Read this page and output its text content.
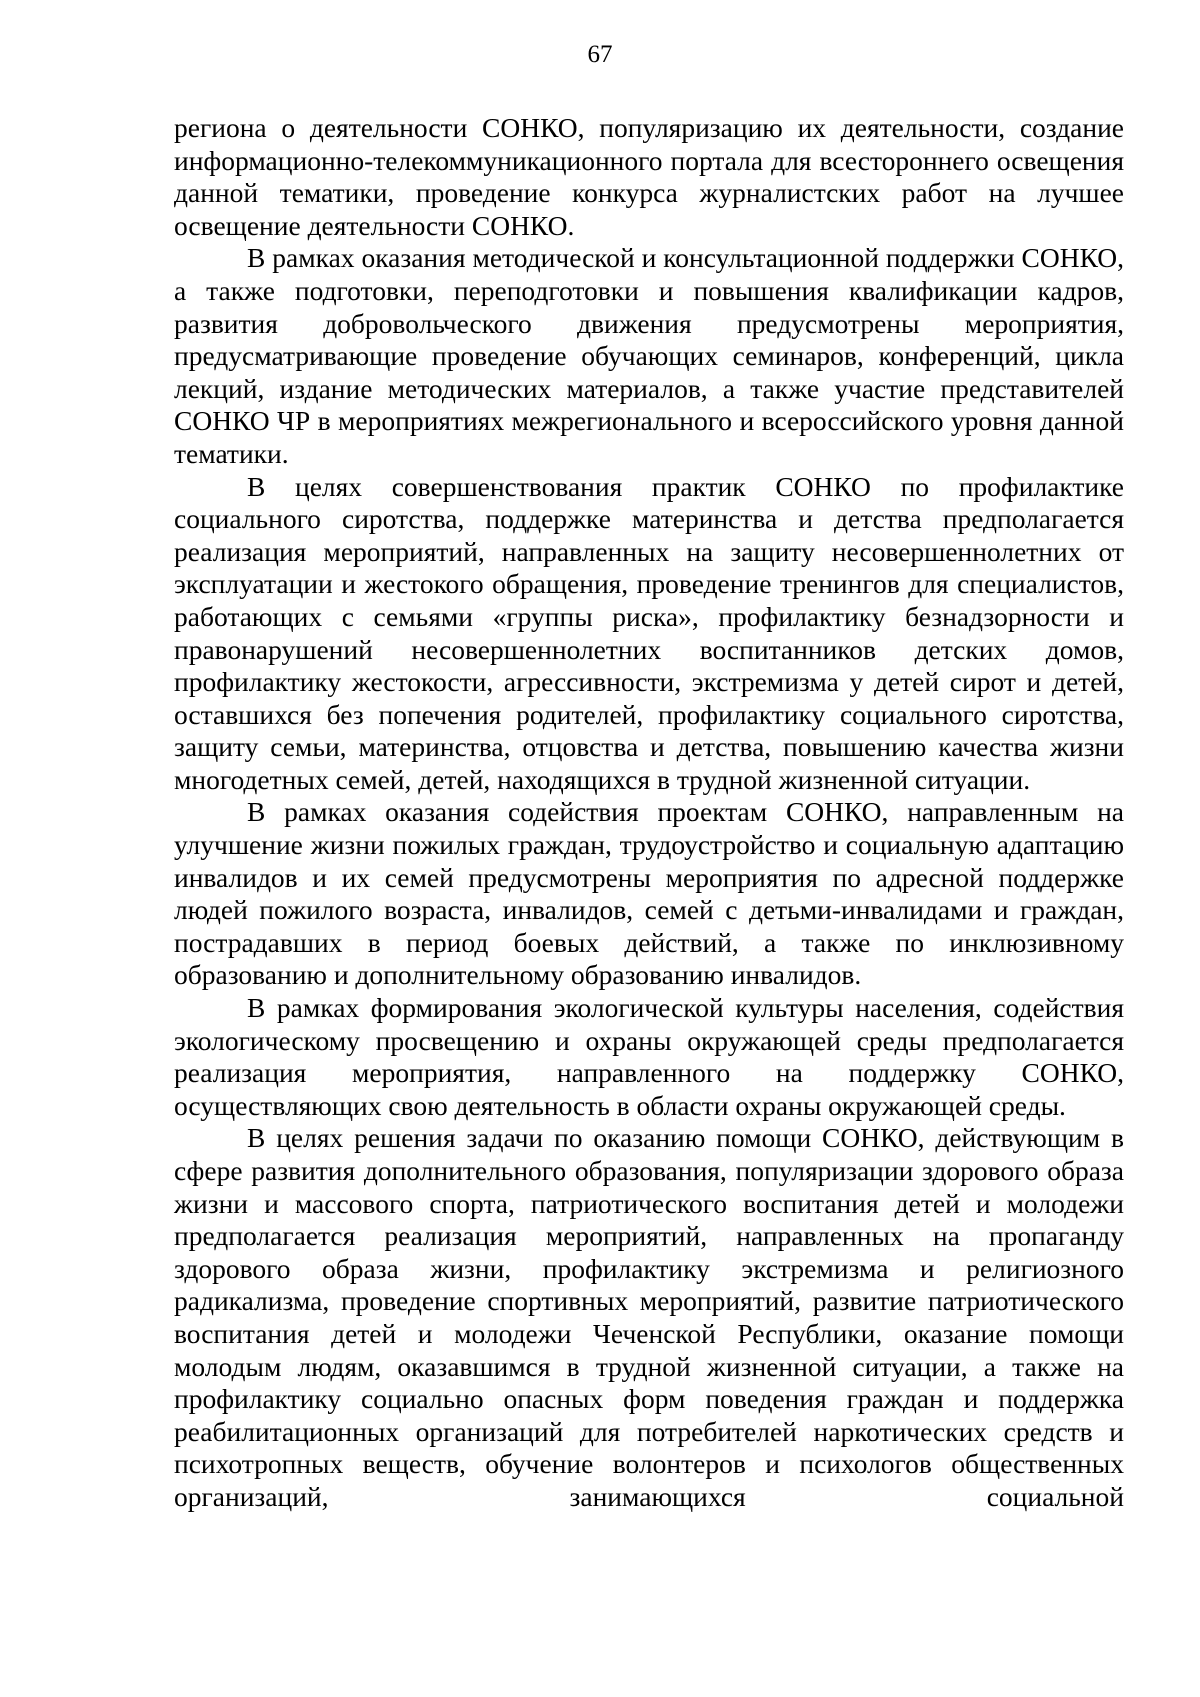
67

региона о деятельности СОНКО, популяризацию их деятельности, создание информационно-телекоммуникационного портала для всестороннего освещения данной тематики, проведение конкурса журналистских работ на лучшее освещение деятельности СОНКО.

В рамках оказания методической и консультационной поддержки СОНКО, а также подготовки, переподготовки и повышения квалификации кадров, развития добровольческого движения предусмотрены мероприятия, предусматривающие проведение обучающих семинаров, конференций, цикла лекций, издание методических материалов, а также участие представителей СОНКО ЧР в мероприятиях межрегионального и всероссийского уровня данной тематики.

В целях совершенствования практик СОНКО по профилактике социального сиротства, поддержке материнства и детства предполагается реализация мероприятий, направленных на защиту несовершеннолетних от эксплуатации и жестокого обращения, проведение тренингов для специалистов, работающих с семьями «группы риска», профилактику безнадзорности и правонарушений несовершеннолетних воспитанников детских домов, профилактику жестокости, агрессивности, экстремизма у детей сирот и детей, оставшихся без попечения родителей, профилактику социального сиротства, защиту семьи, материнства, отцовства и детства, повышению качества жизни многодетных семей, детей, находящихся в трудной жизненной ситуации.

В рамках оказания содействия проектам СОНКО, направленным на улучшение жизни пожилых граждан, трудоустройство и социальную адаптацию инвалидов и их семей предусмотрены мероприятия по адресной поддержке людей пожилого возраста, инвалидов, семей с детьми-инвалидами и граждан, пострадавших в период боевых действий, а также по инклюзивному образованию и дополнительному образованию инвалидов.

В рамках формирования экологической культуры населения, содействия экологическому просвещению и охраны окружающей среды предполагается реализация мероприятия, направленного на поддержку СОНКО, осуществляющих свою деятельность в области охраны окружающей среды.

В целях решения задачи по оказанию помощи СОНКО, действующим в сфере развития дополнительного образования, популяризации здорового образа жизни и массового спорта, патриотического воспитания детей и молодежи предполагается реализация мероприятий, направленных на пропаганду здорового образа жизни, профилактику экстремизма и религиозного радикализма, проведение спортивных мероприятий, развитие патриотического воспитания детей и молодежи Чеченской Республики, оказание помощи молодым людям, оказавшимся в трудной жизненной ситуации, а также на профилактику социально опасных форм поведения граждан и поддержка реабилитационных организаций для потребителей наркотических средств и психотропных веществ, обучение волонтеров и психологов общественных организаций, занимающихся социальной
